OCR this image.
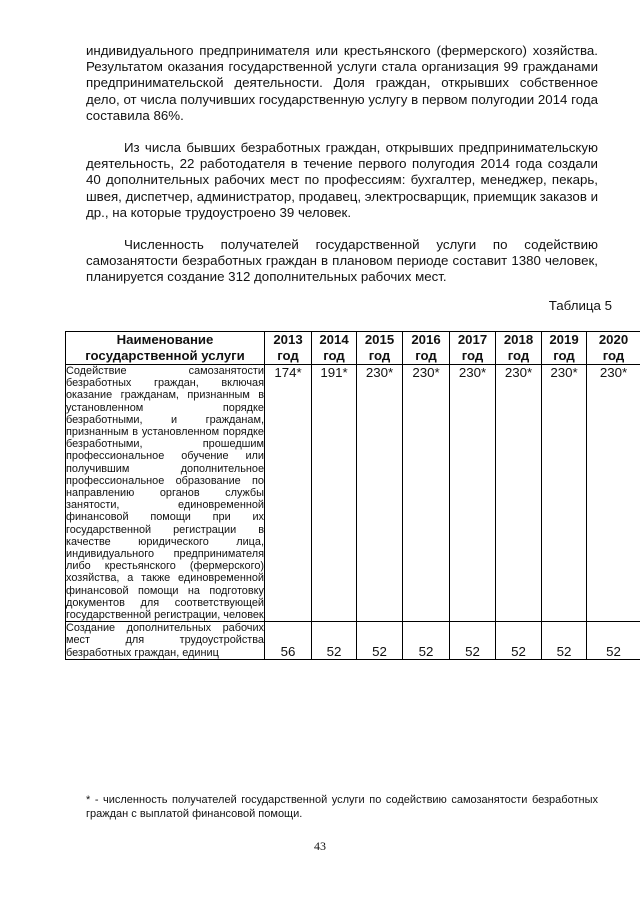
индивидуального предпринимателя или крестьянского (фермерского) хозяйства. Результатом оказания государственной услуги стала организация 99 гражданами предпринимательской деятельности. Доля граждан, открывших собственное дело, от числа получивших государственную услугу в первом полугодии 2014 года составила 86%.

Из числа бывших безработных граждан, открывших предпринимательскую деятельность, 22 работодателя в течение первого полугодия 2014 года создали 40 дополнительных рабочих мест по профессиям: бухгалтер, менеджер, пекарь, швея, диспетчер, администратор, продавец, электросварщик, приемщик заказов и др., на которые трудоустроено 39 человек.

Численность получателей государственной услуги по содействию самозанятости безработных граждан в плановом периоде составит 1380 человек, планируется создание 312 дополнительных рабочих мест.

Таблица 5
Наименование государственной услуги	2013 год	2014 год	2015 год	2016 год	2017 год	2018 год	2019 год	2020 год
Содействие самозанятости безработных граждан, включая оказание гражданам, признанным в установленном порядке безработными, и гражданам, признанным в установленном порядке безработными, прошедшим профессиональное обучение или получившим дополнительное профессиональное образование по направлению органов службы занятости, единовременной финансовой помощи при их государственной регистрации в качестве юридического лица, индивидуального предпринимателя либо крестьянского (фермерского) хозяйства, а также единовременной финансовой помощи на подготовку документов для соответствующей государственной регистрации, человек	174*	191*	230*	230*	230*	230*	230*	230*
Создание дополнительных рабочих мест для трудоустройства безработных граждан, единиц	56	52	52	52	52	52	52	52
* - численность получателей государственной услуги по содействию самозанятости безработных граждан с выплатой финансовой помощи.
43
